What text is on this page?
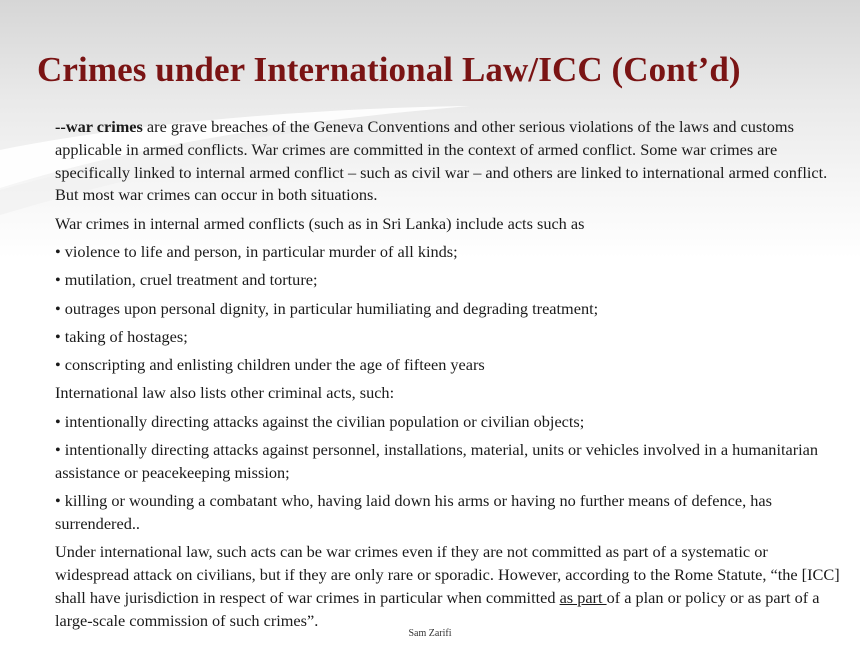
Crimes under International Law/ICC (Cont’d)

--war crimes are grave breaches of the Geneva Conventions and other serious violations of the laws and customs applicable in armed conflicts. War crimes are committed in the context of armed conflict. Some war crimes are specifically linked to internal armed conflict – such as civil war – and others are linked to international armed conflict. But most war crimes can occur in both situations.

War crimes in internal armed conflicts (such as in Sri Lanka) include acts such as

• violence to life and person, in particular murder of all kinds;

• mutilation, cruel treatment and torture;

• outrages upon personal dignity, in particular humiliating and degrading treatment;

• taking of hostages;

• conscripting and enlisting children under the age of fifteen years

International law also lists other criminal acts, such:

• intentionally directing attacks against the civilian population or civilian objects;

• intentionally directing attacks against personnel, installations, material, units or vehicles involved in a humanitarian assistance or peacekeeping mission;

• killing or wounding a combatant who, having laid down his arms or having no further means of defence, has surrendered..

Under international law, such acts can be war crimes even if they are not committed as part of a systematic or widespread attack on civilians, but if they are only rare or sporadic. However, according to the Rome Statute, “the [ICC] shall have jurisdiction in respect of war crimes in particular when committed as part of a plan or policy or as part of a large-scale commission of such crimes”.

Sam Zarifi
